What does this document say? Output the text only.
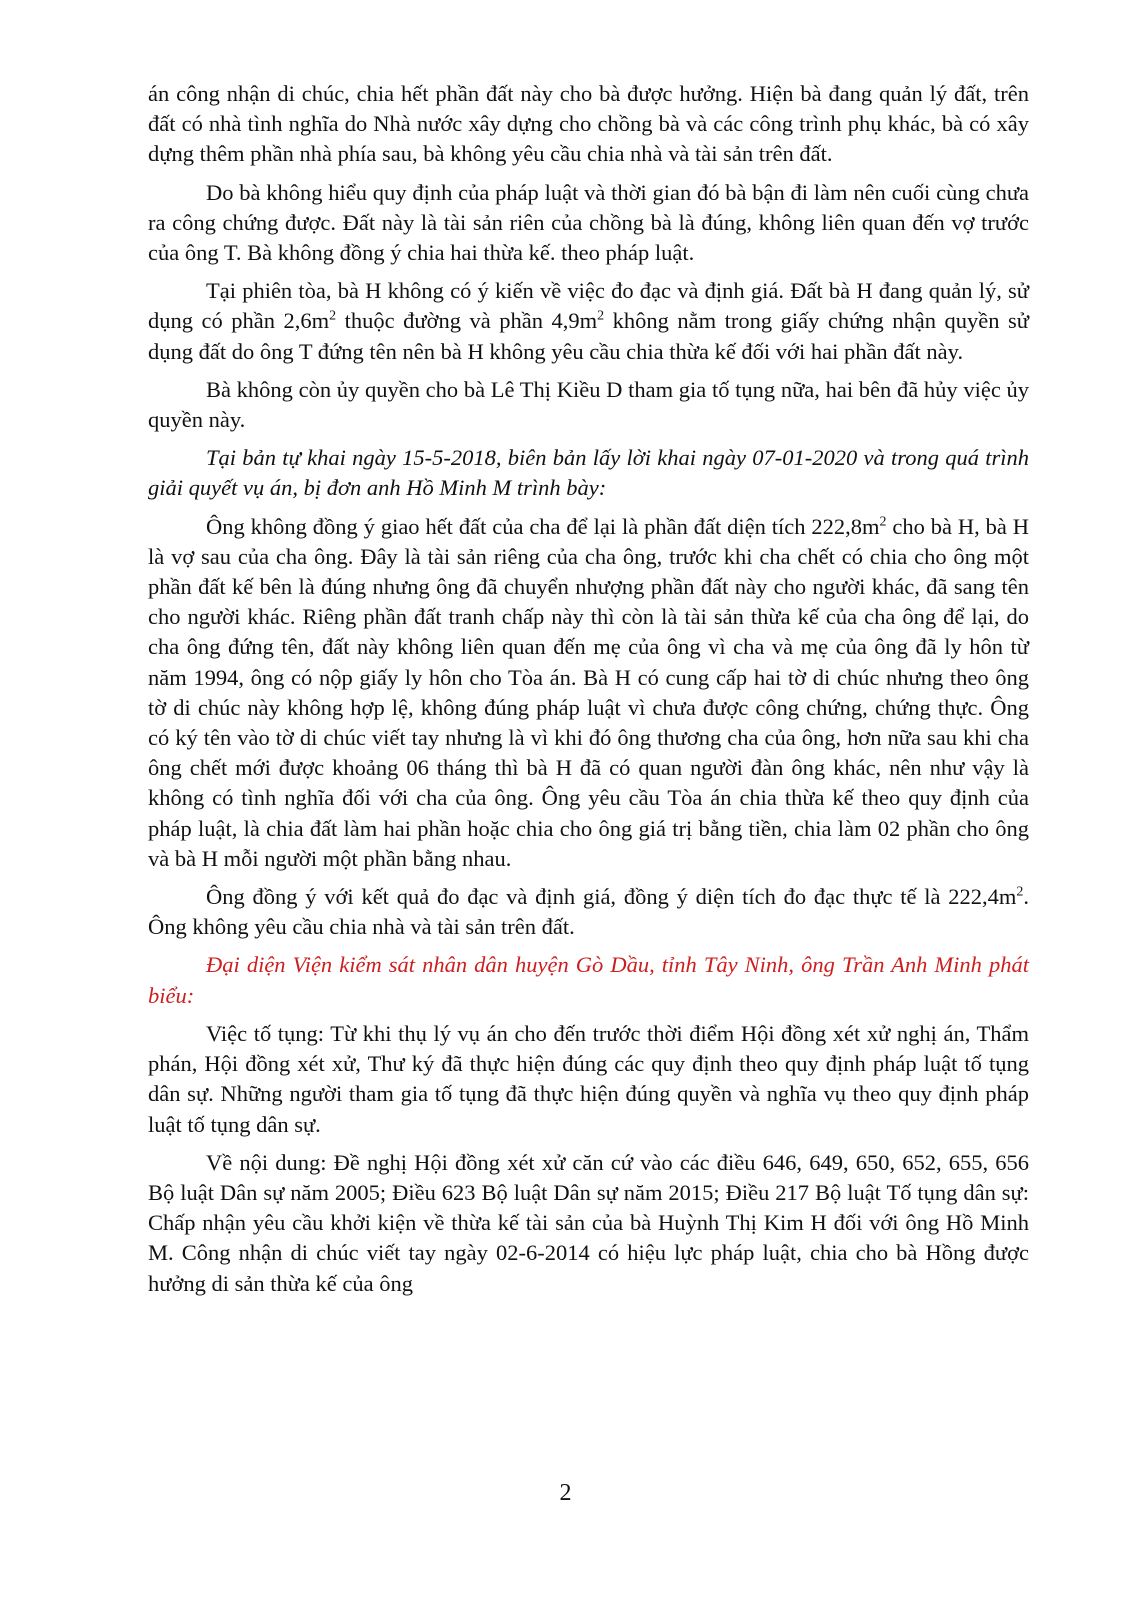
án công nhận di chúc, chia hết phần đất này cho bà được hưởng. Hiện bà đang quản lý đất, trên đất có nhà tình nghĩa do Nhà nước xây dựng cho chồng bà và các công trình phụ khác, bà có xây dựng thêm phần nhà phía sau, bà không yêu cầu chia nhà và tài sản trên đất.

Do bà không hiểu quy định của pháp luật và thời gian đó bà bận đi làm nên cuối cùng chưa ra công chứng được. Đất này là tài sản riên của chồng bà là đúng, không liên quan đến vợ trước của ông T. Bà không đồng ý chia hai thừa kế. theo pháp luật.

Tại phiên tòa, bà H không có ý kiến về việc đo đạc và định giá. Đất bà H đang quản lý, sử dụng có phần $2,6m^2$ thuộc đường và phần $4,9m^2$ không nằm trong giấy chứng nhận quyền sử dụng đất do ông T đứng tên nên bà H không yêu cầu chia thừa kế đối với hai phần đất này.

Bà không còn ủy quyền cho bà Lê Thị Kiều D tham gia tố tụng nữa, hai bên đã hủy việc ủy quyền này.

Tại bản tự khai ngày 15-5-2018, biên bản lấy lời khai ngày 07-01-2020 và trong quá trình giải quyết vụ án, bị đơn anh Hồ Minh M trình bày:

Ông không đồng ý giao hết đất của cha để lại là phần đất diện tích $222,8m^2$ cho bà H, bà H là vợ sau của cha ông. Đây là tài sản riêng của cha ông, trước khi cha chết có chia cho ông một phần đất kế bên là đúng nhưng ông đã chuyển nhượng phần đất này cho người khác, đã sang tên cho người khác. Riêng phần đất tranh chấp này thì còn là tài sản thừa kế của cha ông để lại, do cha ông đứng tên, đất này không liên quan đến mẹ của ông vì cha và mẹ của ông đã ly hôn từ năm 1994, ông có nộp giấy ly hôn cho Tòa án. Bà H có cung cấp hai tờ di chúc nhưng theo ông tờ di chúc này không hợp lệ, không đúng pháp luật vì chưa được công chứng, chứng thực. Ông có ký tên vào tờ di chúc viết tay nhưng là vì khi đó ông thương cha của ông, hơn nữa sau khi cha ông chết mới được khoảng 06 tháng thì bà H đã có quan người đàn ông khác, nên như vậy là không có tình nghĩa đối với cha của ông. Ông yêu cầu Tòa án chia thừa kế theo quy định của pháp luật, là chia đất làm hai phần hoặc chia cho ông giá trị bằng tiền, chia làm 02 phần cho ông và bà H mỗi người một phần bằng nhau.

Ông đồng ý với kết quả đo đạc và định giá, đồng ý diện tích đo đạc thực tế là $222,4m^2$. Ông không yêu cầu chia nhà và tài sản trên đất.

Đại diện Viện kiểm sát nhân dân huyện Gò Dầu, tỉnh Tây Ninh, ông Trần Anh Minh phát biểu:

Việc tố tụng: Từ khi thụ lý vụ án cho đến trước thời điểm Hội đồng xét xử nghị án, Thẩm phán, Hội đồng xét xử, Thư ký đã thực hiện đúng các quy định theo quy định pháp luật tố tụng dân sự. Những người tham gia tố tụng đã thực hiện đúng quyền và nghĩa vụ theo quy định pháp luật tố tụng dân sự.

Về nội dung: Đề nghị Hội đồng xét xử căn cứ vào các điều 646, 649, 650, 652, 655, 656 Bộ luật Dân sự năm 2005; Điều 623 Bộ luật Dân sự năm 2015; Điều 217 Bộ luật Tố tụng dân sự: Chấp nhận yêu cầu khởi kiện về thừa kế tài sản của bà Huỳnh Thị Kim H đối với ông Hồ Minh M. Công nhận di chúc viết tay ngày 02-6-2014 có hiệu lực pháp luật, chia cho bà Hồng được hưởng di sản thừa kế của ông

2
